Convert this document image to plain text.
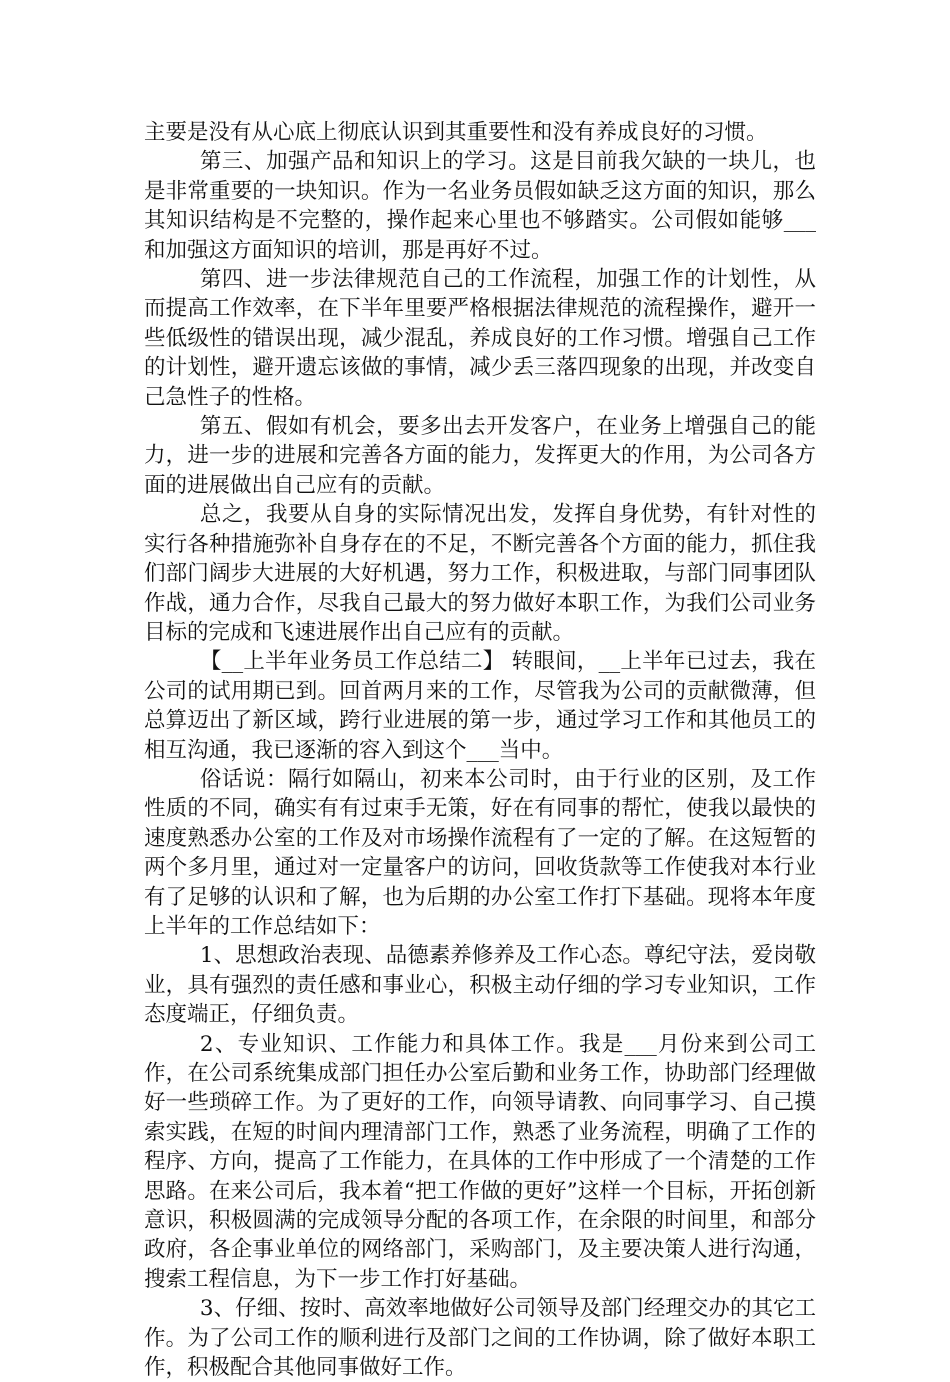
主要是没有从心底上彻底认识到其重要性和没有养成良好的习惯。

第三、加强产品和知识上的学习。这是目前我欠缺的一块儿，也是非常重要的一块知识。作为一名业务员假如缺乏这方面的知识，那么其知识结构是不完整的，操作起来心里也不够踏实。公司假如能够___和加强这方面知识的培训，那是再好不过。

第四、进一步法律规范自己的工作流程，加强工作的计划性，从而提高工作效率，在下半年里要严格根据法律规范的流程操作，避开一些低级性的错误出现，减少混乱，养成良好的工作习惯。增强自己工作的计划性，避开遗忘该做的事情，减少丢三落四现象的出现，并改变自己急性子的性格。

第五、假如有机会，要多出去开发客户，在业务上增强自己的能力，进一步的进展和完善各方面的能力，发挥更大的作用，为公司各方面的进展做出自己应有的贡献。

总之，我要从自身的实际情况出发，发挥自身优势，有针对性的实行各种措施弥补自身存在的不足，不断完善各个方面的能力，抓住我们部门阔步大进展的大好机遇，努力工作，积极进取，与部门同事团队作战，通力合作，尽我自己最大的努力做好本职工作，为我们公司业务目标的完成和飞速进展作出自己应有的贡献。

【__上半年业务员工作总结二】 转眼间，__上半年已过去，我在公司的试用期已到。回首两月来的工作，尽管我为公司的贡献微薄，但总算迈出了新区域，跨行业进展的第一步，通过学习工作和其他员工的相互沟通，我已逐渐的容入到这个___当中。

俗话说：隔行如隔山，初来本公司时，由于行业的区别，及工作性质的不同，确实有有过束手无策，好在有同事的帮忙，使我以最快的速度熟悉办公室的工作及对市场操作流程有了一定的了解。在这短暂的两个多月里，通过对一定量客户的访问，回收货款等工作使我对本行业有了足够的认识和了解，也为后期的办公室工作打下基础。现将本年度上半年的工作总结如下：

1、思想政治表现、品德素养修养及工作心态。尊纪守法，爱岗敬业，具有强烈的责任感和事业心，积极主动仔细的学习专业知识，工作态度端正，仔细负责。

2、专业知识、工作能力和具体工作。我是___月份来到公司工作，在公司系统集成部门担任办公室后勤和业务工作，协助部门经理做好一些琐碎工作。为了更好的工作，向领导请教、向同事学习、自己摸索实践，在短的时间内理清部门工作，熟悉了业务流程，明确了工作的程序、方向，提高了工作能力，在具体的工作中形成了一个清楚的工作思路。在来公司后，我本着“把工作做的更好”这样一个目标，开拓创新意识，积极圆满的完成领导分配的各项工作，在余限的时间里，和部分政府，各企事业单位的网络部门，采购部门，及主要决策人进行沟通，搜索工程信息，为下一步工作打好基础。

3、仔细、按时、高效率地做好公司领导及部门经理交办的其它工作。为了公司工作的顺利进行及部门之间的工作协调，除了做好本职工作，积极配合其他同事做好工作。
